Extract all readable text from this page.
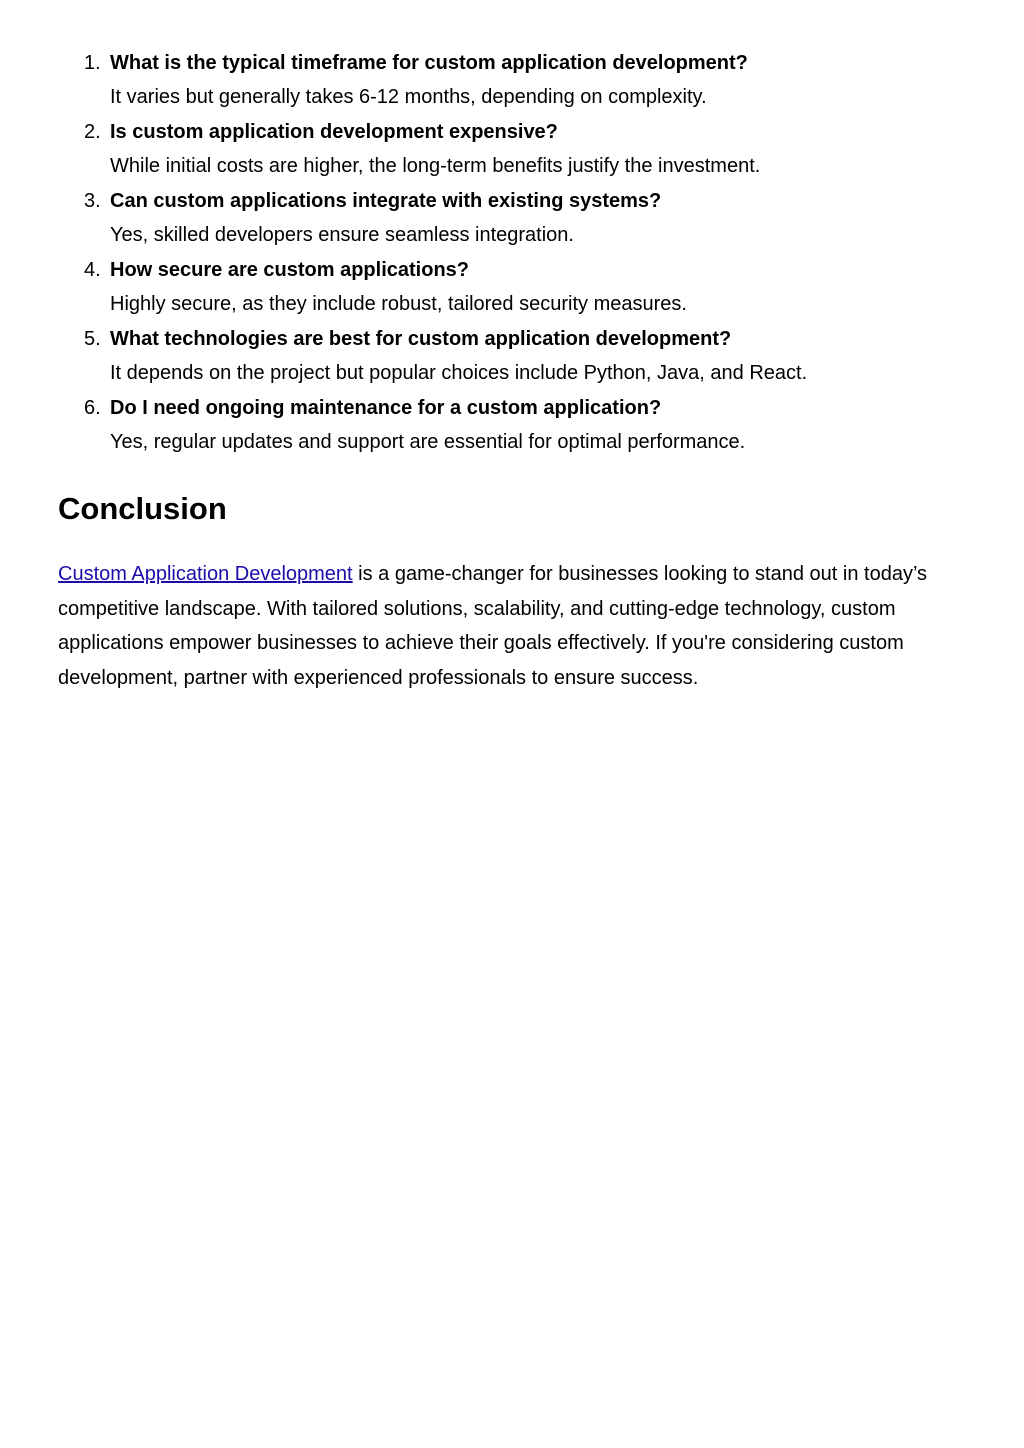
1. What is the typical timeframe for custom application development?
It varies but generally takes 6-12 months, depending on complexity.
2. Is custom application development expensive?
While initial costs are higher, the long-term benefits justify the investment.
3. Can custom applications integrate with existing systems?
Yes, skilled developers ensure seamless integration.
4. How secure are custom applications?
Highly secure, as they include robust, tailored security measures.
5. What technologies are best for custom application development?
It depends on the project but popular choices include Python, Java, and React.
6. Do I need ongoing maintenance for a custom application?
Yes, regular updates and support are essential for optimal performance.
Conclusion

Custom Application Development is a game-changer for businesses looking to stand out in today’s competitive landscape. With tailored solutions, scalability, and cutting-edge technology, custom applications empower businesses to achieve their goals effectively. If you're considering custom development, partner with experienced professionals to ensure success.
